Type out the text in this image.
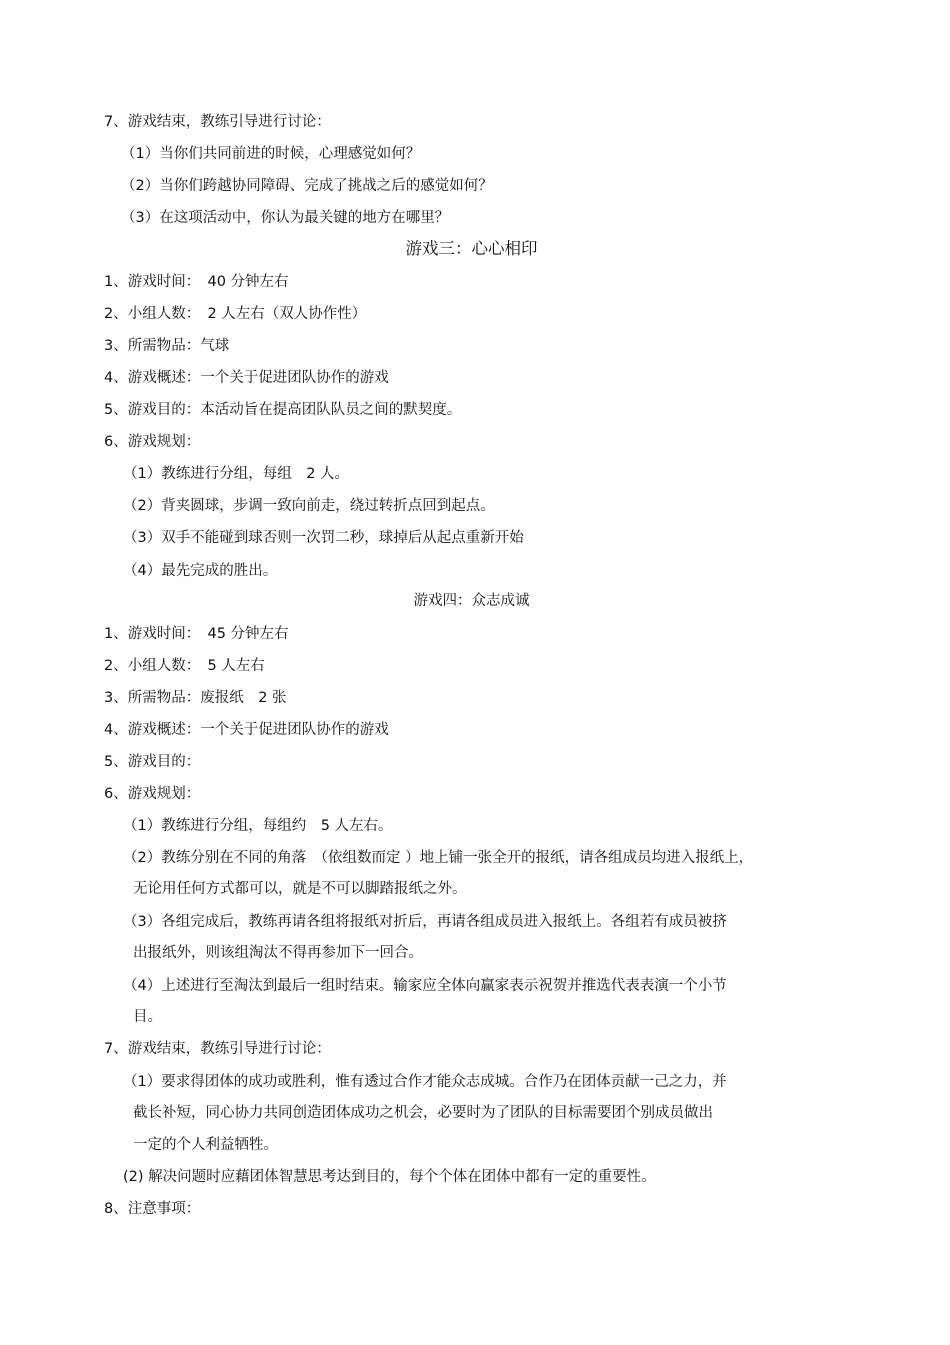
7、游戏结束，教练引导进行讨论：
（1）当你们共同前进的时候，心理感觉如何？
（2）当你们跨越协同障碍、完成了挑战之后的感觉如何？
（3）在这项活动中，你认为最关键的地方在哪里？
游戏三：心心相印
1、游戏时间：　40 分钟左右
2、小组人数：　2 人左右（双人协作性）
3、所需物品：气球
4、游戏概述：一个关于促进团队协作的游戏
5、游戏目的：本活动旨在提高团队队员之间的默契度。
6、游戏规划：
（1）教练进行分组，每组　2 人。
（2）背夹圆球，步调一致向前走，绕过转折点回到起点。
（3）双手不能碰到球否则一次罚二秒，球掉后从起点重新开始
（4）最先完成的胜出。
游戏四：众志成诚
1、游戏时间：　45 分钟左右
2、小组人数：　5 人左右
3、所需物品：废报纸　2 张
4、游戏概述：一个关于促进团队协作的游戏
5、游戏目的：
6、游戏规划：
（1）教练进行分组，每组约　5 人左右。
（2）教练分别在不同的角落　（依组数而定 ）地上铺一张全开的报纸，请各组成员均进入报纸上，
无论用任何方式都可以，就是不可以脚踏报纸之外。
（3）各组完成后，教练再请各组将报纸对折后，再请各组成员进入报纸上。各组若有成员被挤
出报纸外，则该组淘汰不得再参加下一回合。
（4）上述进行至淘汰到最后一组时结束。输家应全体向赢家表示祝贺并推选代表表演一个小节
目。
7、游戏结束，教练引导进行讨论：
（1）要求得团体的成功或胜利，惟有透过合作才能众志成城。合作乃在团体贡献一己之力，并
截长补短，同心协力共同创造团体成功之机会，必要时为了团队的目标需要团个别成员做出
一定的个人利益牺牲。
(2) 解决问题时应藉团体智慧思考达到目的，每个个体在团体中都有一定的重要性。
8、注意事项：
